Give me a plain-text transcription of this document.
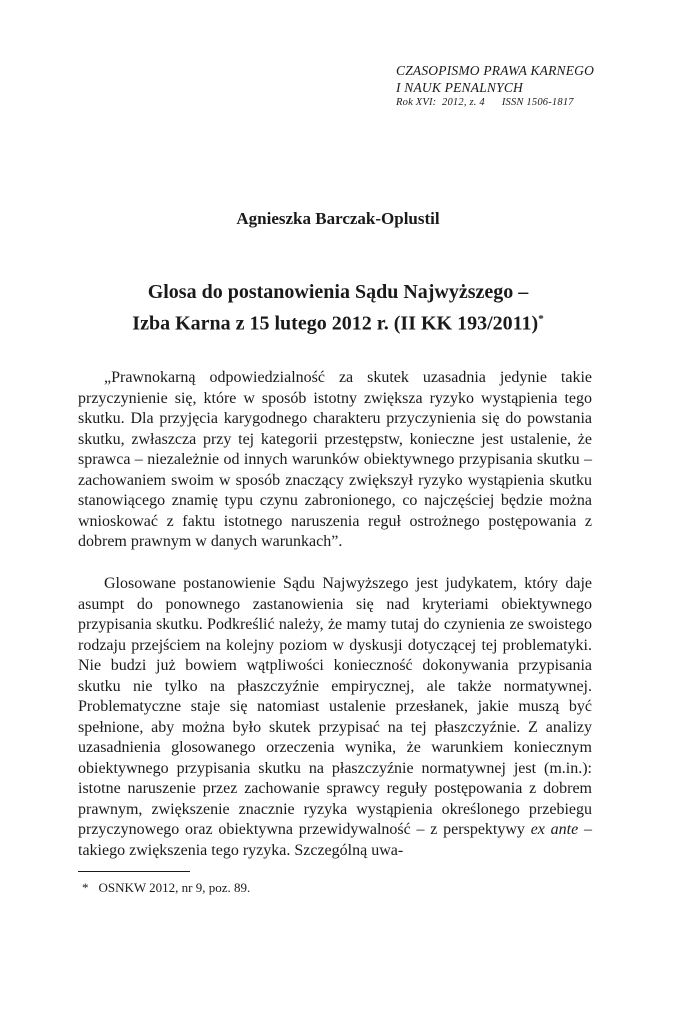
CZASOPISMO PRAWA KARNEGO
I NAUK PENALNYCH
Rok XVI:  2012, z. 4 ISSN 1506-1817
Agnieszka Barczak-Oplustil
Glosa do postanowienia Sądu Najwyższego –
Izba Karna z 15 lutego 2012 r. (II KK 193/2011)*

„Prawnokarną odpowiedzialność za skutek uzasadnia jedynie takie przyczynienie się, które w sposób istotny zwiększa ryzyko wystąpienia tego skutku. Dla przyjęcia karygodnego charakteru przyczynienia się do powstania skutku, zwłaszcza przy tej kategorii przestępstw, konieczne jest ustalenie, że sprawca – niezależnie od innych warunków obiektywnego przypisania skutku – zachowaniem swoim w sposób znaczący zwiększył ryzyko wystąpienia skutku stanowiącego znamię typu czynu zabronionego, co najczęściej będzie można wnioskować z faktu istotnego naruszenia reguł ostrożnego postępowania z dobrem prawnym w danych warunkach”.

Glosowane postanowienie Sądu Najwyższego jest judykatem, który daje asumpt do ponownego zastanowienia się nad kryteriami obiektywnego przypisania skutku. Podkreślić należy, że mamy tutaj do czynienia ze swoistego rodzaju przejściem na kolejny poziom w dyskusji dotyczącej tej problematyki. Nie budzi już bowiem wątpliwości konieczność dokonywania przypisania skutku nie tylko na płaszczyźnie empirycznej, ale także normatywnej. Problematyczne staje się natomiast ustalenie przesłanek, jakie muszą być spełnione, aby można było skutek przypisać na tej płaszczyźnie. Z analizy uzasadnienia glosowanego orzeczenia wynika, że warunkiem koniecznym obiektywnego przypisania skutku na płaszczyźnie normatywnej jest (m.in.): istotne naruszenie przez zachowanie sprawcy reguły postępowania z dobrem prawnym, zwiększenie znacznie ryzyka wystąpienia określonego przebiegu przyczynowego oraz obiektywna przewidywalność – z perspektywy ex ante – takiego zwiększenia tego ryzyka. Szczególną uwa-

* OSNKW 2012, nr 9, poz. 89.
